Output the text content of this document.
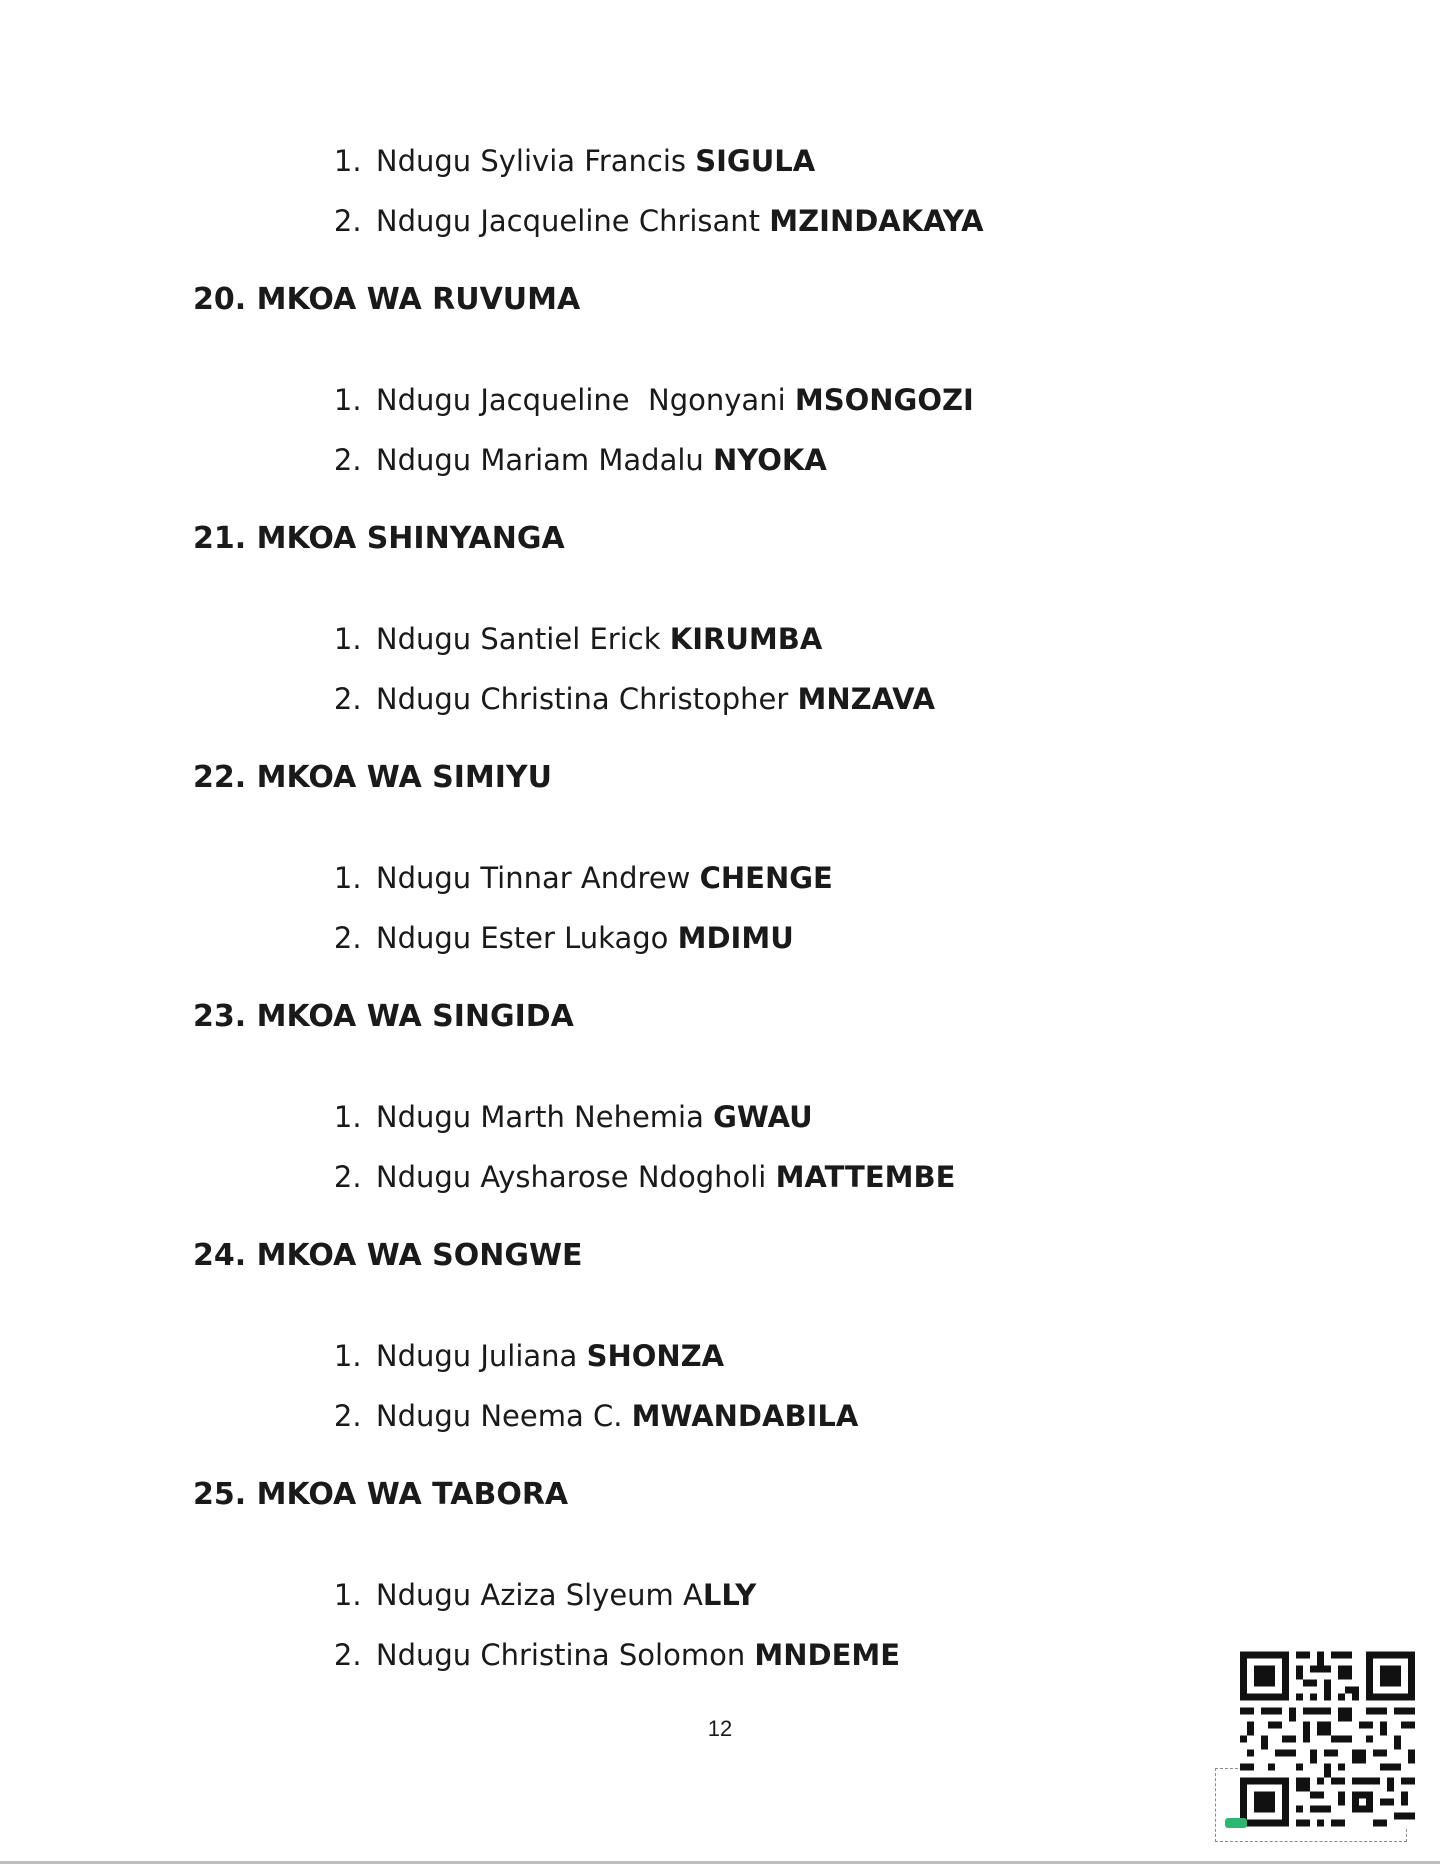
1. Ndugu Sylivia Francis SIGULA

2. Ndugu Jacqueline Chrisant MZINDAKAYA

20. MKOA WA RUVUMA

1. Ndugu Jacqueline  Ngonyani MSONGOZI

2. Ndugu Mariam Madalu NYOKA

21. MKOA SHINYANGA

1. Ndugu Santiel Erick KIRUMBA

2. Ndugu Christina Christopher MNZAVA

22. MKOA WA SIMIYU

1. Ndugu Tinnar Andrew CHENGE

2. Ndugu Ester Lukago MDIMU

23. MKOA WA SINGIDA

1. Ndugu Marth Nehemia GWAU

2. Ndugu Aysharose Ndogholi MATTEMBE

24. MKOA WA SONGWE

1. Ndugu Juliana SHONZA

2. Ndugu Neema C. MWANDABILA

25. MKOA WA TABORA

1. Ndugu Aziza Slyeum ALLY

2. Ndugu Christina Solomon MNDEME

12
